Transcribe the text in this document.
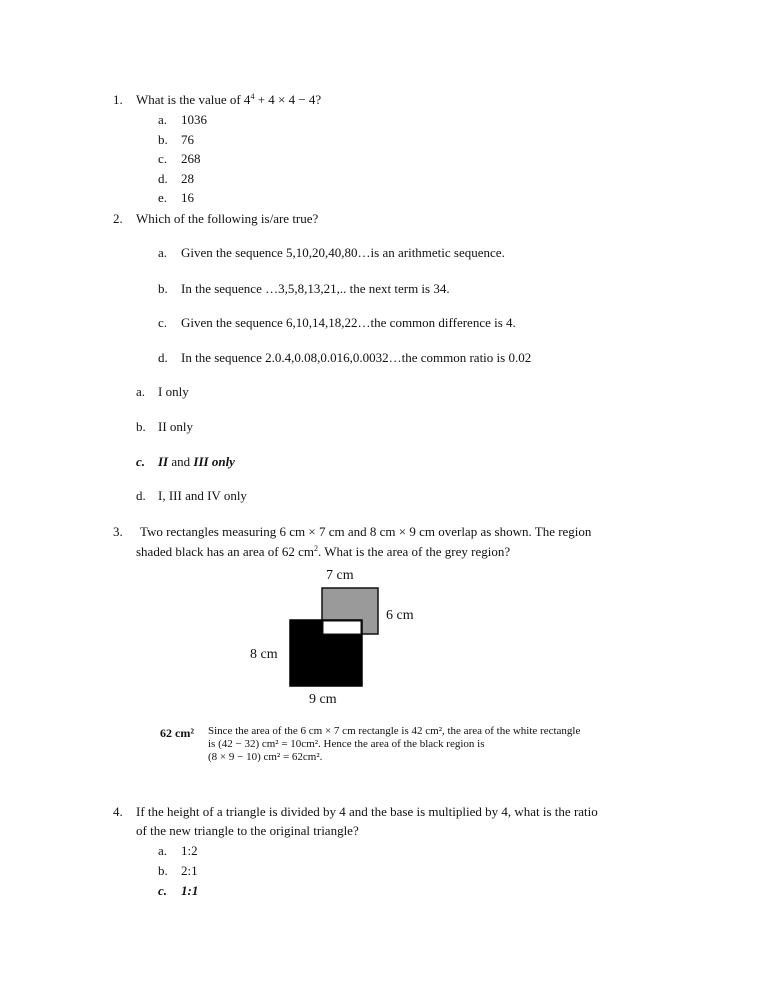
1. What is the value of $4^4 + 4 \times 4 - 4$?
a. 1036
b. 76
c. 268
d. 28
e. 16
2. Which of the following is/are true?
a. Given the sequence 5,10,20,40,80…is an arithmetic sequence.
b. In the sequence …3,5,8,13,21,.. the next term is 34.
c. Given the sequence 6,10,14,18,22…the common difference is 4.
d. In the sequence 2.0.4,0.08,0.016,0.0032…the common ratio is 0.02
a. I only
b. II only
c. II and III only
d. I, III and IV only
3. Two rectangles measuring 6 cm × 7 cm and 8 cm × 9 cm overlap as shown. The region
shaded black has an area of 62 $cm^2$. What is the area of the grey region?
7 cm
6 cm
8 cm
9 cm
62 cm² Since the area of the 6 cm × 7 cm rectangle is 42 cm², the area of the white rectangle
is (42 − 32) cm² = 10cm². Hence the area of the black region is
(8 × 9 − 10) cm² = 62cm².
4. If the height of a triangle is divided by 4 and the base is multiplied by 4, what is the ratio
of the new triangle to the original triangle?
a. 1:2
b. 2:1
c. 1:1
